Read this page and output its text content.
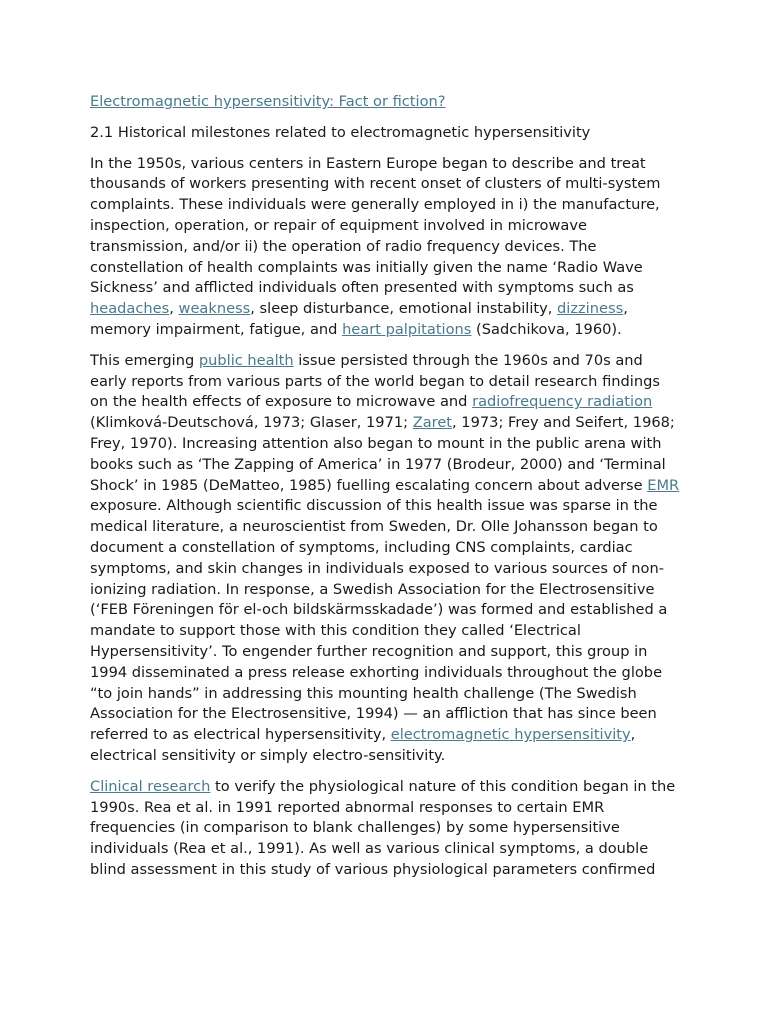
Electromagnetic hypersensitivity: Fact or fiction?
2.1 Historical milestones related to electromagnetic hypersensitivity

In the 1950s, various centers in Eastern Europe began to describe and treat thousands of workers presenting with recent onset of clusters of multi-system complaints. These individuals were generally employed in i) the manufacture, inspection, operation, or repair of equipment involved in microwave transmission, and/or ii) the operation of radio frequency devices. The constellation of health complaints was initially given the name ‘Radio Wave Sickness’ and afflicted individuals often presented with symptoms such as headaches, weakness, sleep disturbance, emotional instability, dizziness, memory impairment, fatigue, and heart palpitations (Sadchikova, 1960).

This emerging public health issue persisted through the 1960s and 70s and early reports from various parts of the world began to detail research findings on the health effects of exposure to microwave and radiofrequency radiation (Klimková-Deutschová, 1973; Glaser, 1971; Zaret, 1973; Frey and Seifert, 1968; Frey, 1970). Increasing attention also began to mount in the public arena with books such as ‘The Zapping of America’ in 1977 (Brodeur, 2000) and ‘Terminal Shock’ in 1985 (DeMatteo, 1985) fuelling escalating concern about adverse EMR exposure. Although scientific discussion of this health issue was sparse in the medical literature, a neuroscientist from Sweden, Dr. Olle Johansson began to document a constellation of symptoms, including CNS complaints, cardiac symptoms, and skin changes in individuals exposed to various sources of non-ionizing radiation. In response, a Swedish Association for the Electrosensitive (‘FEB Föreningen för el-och bildskärmsskadade’) was formed and established a mandate to support those with this condition they called ‘Electrical Hypersensitivity’. To engender further recognition and support, this group in 1994 disseminated a press release exhorting individuals throughout the globe “to join hands” in addressing this mounting health challenge (The Swedish Association for the Electrosensitive, 1994) — an affliction that has since been referred to as electrical hypersensitivity, electromagnetic hypersensitivity, electrical sensitivity or simply electro-sensitivity.

Clinical research to verify the physiological nature of this condition began in the 1990s. Rea et al. in 1991 reported abnormal responses to certain EMR frequencies (in comparison to blank challenges) by some hypersensitive individuals (Rea et al., 1991). As well as various clinical symptoms, a double blind assessment in this study of various physiological parameters confirmed
